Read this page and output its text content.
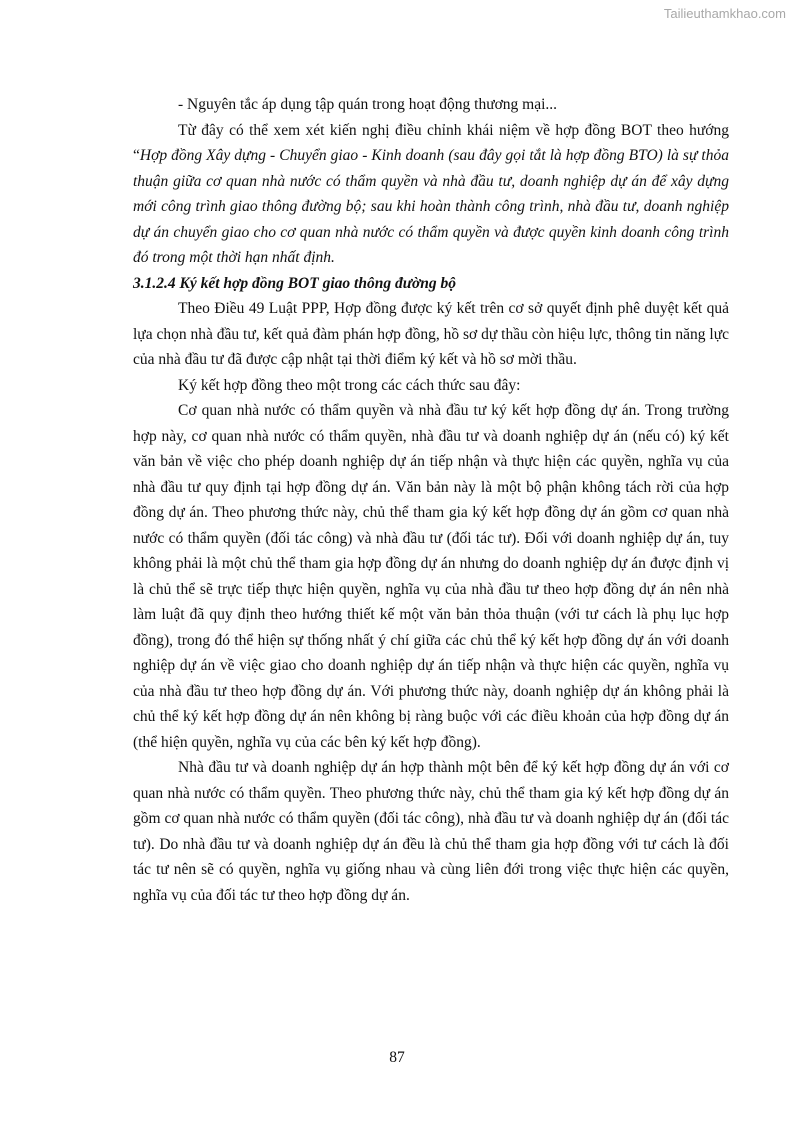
Tailieuthamkhao.com

- Nguyên tắc áp dụng tập quán trong hoạt động thương mại...

Từ đây có thể xem xét kiến nghị điều chỉnh khái niệm về hợp đồng BOT theo hướng “Hợp đồng Xây dựng - Chuyển giao - Kinh doanh (sau đây gọi tắt là hợp đồng BTO) là sự thỏa thuận giữa cơ quan nhà nước có thẩm quyền và nhà đầu tư, doanh nghiệp dự án để xây dựng mới công trình giao thông đường bộ; sau khi hoàn thành công trình, nhà đầu tư, doanh nghiệp dự án chuyển giao cho cơ quan nhà nước có thẩm quyền và được quyền kinh doanh công trình đó trong một thời hạn nhất định.

3.1.2.4 Ký kết hợp đồng BOT giao thông đường bộ

Theo Điều 49 Luật PPP, Hợp đồng được ký kết trên cơ sở quyết định phê duyệt kết quả lựa chọn nhà đầu tư, kết quả đàm phán hợp đồng, hồ sơ dự thầu còn hiệu lực, thông tin năng lực của nhà đầu tư đã được cập nhật tại thời điểm ký kết và hồ sơ mời thầu.

Ký kết hợp đồng theo một trong các cách thức sau đây:

Cơ quan nhà nước có thẩm quyền và nhà đầu tư ký kết hợp đồng dự án. Trong trường hợp này, cơ quan nhà nước có thẩm quyền, nhà đầu tư và doanh nghiệp dự án (nếu có) ký kết văn bản về việc cho phép doanh nghiệp dự án tiếp nhận và thực hiện các quyền, nghĩa vụ của nhà đầu tư quy định tại hợp đồng dự án. Văn bản này là một bộ phận không tách rời của hợp đồng dự án. Theo phương thức này, chủ thể tham gia ký kết hợp đồng dự án gồm cơ quan nhà nước có thẩm quyền (đối tác công) và nhà đầu tư (đối tác tư). Đối với doanh nghiệp dự án, tuy không phải là một chủ thể tham gia hợp đồng dự án nhưng do doanh nghiệp dự án được định vị là chủ thể sẽ trực tiếp thực hiện quyền, nghĩa vụ của nhà đầu tư theo hợp đồng dự án nên nhà làm luật đã quy định theo hướng thiết kế một văn bản thỏa thuận (với tư cách là phụ lục hợp đồng), trong đó thể hiện sự thống nhất ý chí giữa các chủ thể ký kết hợp đồng dự án với doanh nghiệp dự án về việc giao cho doanh nghiệp dự án tiếp nhận và thực hiện các quyền, nghĩa vụ của nhà đầu tư theo hợp đồng dự án. Với phương thức này, doanh nghiệp dự án không phải là chủ thể ký kết hợp đồng dự án nên không bị ràng buộc với các điều khoản của hợp đồng dự án (thể hiện quyền, nghĩa vụ của các bên ký kết hợp đồng).

Nhà đầu tư và doanh nghiệp dự án hợp thành một bên để ký kết hợp đồng dự án với cơ quan nhà nước có thẩm quyền. Theo phương thức này, chủ thể tham gia ký kết hợp đồng dự án gồm cơ quan nhà nước có thẩm quyền (đối tác công), nhà đầu tư và doanh nghiệp dự án (đối tác tư). Do nhà đầu tư và doanh nghiệp dự án đều là chủ thể tham gia hợp đồng với tư cách là đối tác tư nên sẽ có quyền, nghĩa vụ giống nhau và cùng liên đới trong việc thực hiện các quyền, nghĩa vụ của đối tác tư theo hợp đồng dự án.

87
